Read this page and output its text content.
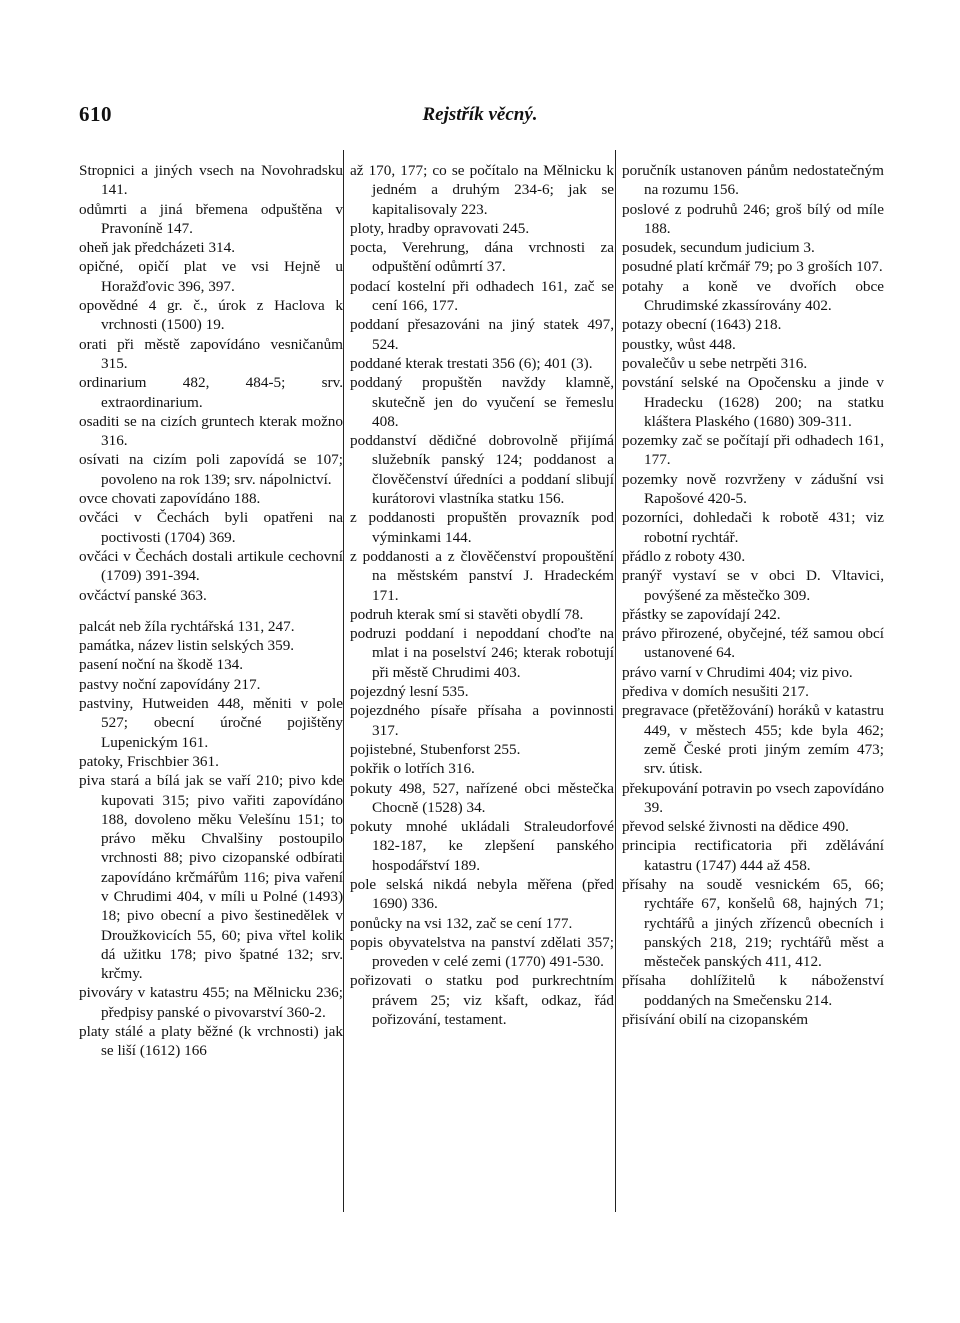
610	Rejstřík věcný.

Stropnici a jiných vsech na Novohradsku 141.

odůmrti a jiná břemena odpuštěna v Pravoníně 147.

oheň jak předcházeti 314.

opičné, opičí plat ve vsi Hejně u Horažďovic 396, 397.

opovědné 4 gr. č., úrok z Haclova k vrchnosti (1500) 19.

orati při městě zapovídáno vesničanům 315.

ordinarium 482, 484-5; srv. extraordinarium.

osaditi se na cizích gruntech kterak možno 316.

osívati na cizím poli zapovídá se 107; povoleno na rok 139; srv. nápolnictví.

ovce chovati zapovídáno 188.

ovčáci v Čechách byli opatřeni na poctivosti (1704) 369.

ovčáci v Čechách dostali artikule cechovní (1709) 391-394.

ovčáctví panské 363.

palcát neb žíla rychtářská 131, 247.

památka, název listin selských 359.

pasení noční na škodě 134.

pastvy noční zapovídány 217.

pastviny, Hutweiden 448, měniti v pole 527; obecní úročné pojištěny Lupenickým 161.

patoky, Frischbier 361.

piva stará a bílá jak se vaří 210; pivo kde kupovati 315; pivo vařiti zapovídáno 188, dovoleno měku Velešínu 151; to právo měku Chvalšiny postoupilo vrchnosti 88; pivo cizopanské odbírati zapovídáno krčmářům 116; piva vaření v Chrudimi 404, v míli u Polné (1493) 18; pivo obecní a pivo šestinedělek v Droužkovicích 55, 60; piva vřtel kolik dá užitku 178; pivo špatné 132; srv. krčmy.

pivováry v katastru 455; na Mělnicku 236; předpisy panské o pivovarství 360-2.

platy stálé a platy běžné (k vrchnosti) jak se liší (1612) 166

až 170, 177; co se počítalo na Mělnicku k jedném a druhým 234-6; jak se kapitalisovaly 223.

ploty, hradby opravovati 245.

pocta, Verehrung, dána vrchnosti za odpuštění odůmrtí 37.

podací kostelní při odhadech 161, zač se cení 166, 177.

poddaní přesazováni na jiný statek 497, 524.

poddané kterak trestati 356 (6); 401 (3).

poddaný propuštěn navždy klamně, skutečně jen do vyučení se řemeslu 408.

poddanství dědičné dobrovolně přijímá služebník panský 124; poddanost a člověčenství úředníci a poddaní slibují kurátorovi vlastníka statku 156.

z poddanosti propuštěn provazník pod výminkami 144.

z poddanosti a z člověčenství propouštění na městském panství J. Hradeckém 171.

podruh kterak smí si stavěti obydlí 78.

podruzi poddaní i nepoddaní choďte na mlat i na poselství 246; kterak robotují při městě Chrudimi 403.

pojezdný lesní 535.

pojezdného písaře přísaha a povinnosti 317.

pojistebné, Stubenforst 255.

pokřik o lotřích 316.

pokuty 498, 527, nařízené obci městečka Chocně (1528) 34.

pokuty mnohé ukládali Straleudorfové 182-187, ke zlepšení panského hospodářství 189.

pole selská nikdá nebyla měřena (před 1690) 336.

ponůcky na vsi 132, zač se cení 177.

popis obyvatelstva na panství zdělati 357; proveden v celé zemi (1770) 491-530.

pořizovati o statku pod purkrechtním právem 25; viz kšaft, odkaz, řád pořizování, testament.

poručník ustanoven pánům nedostatečným na rozumu 156.

poslové z podruhů 246; groš bílý od míle 188.

posudek, secundum judicium 3.

posudné platí krčmář 79; po 3 groších 107.

potahy a koně ve dvořích obce Chrudimské zkassírovány 402.

potazy obecní (1643) 218.

poustky, wůst 448.

povalečův u sebe netrpěti 316.

povstání selské na Opočensku a jinde v Hradecku (1628) 200; na statku kláštera Plaského (1680) 309-311.

pozemky zač se počítají při odhadech 161, 177.

pozemky nově rozvrženy v zádušní vsi Rapošové 420-5.

pozorníci, dohledači k robotě 431; viz robotní rychtář.

přádlo z roboty 430.

pranýř vystaví se v obci D. Vltavici, povýšené za městečko 309.

přástky se zapovídají 242.

právo přirozené, obyčejné, též samou obcí ustanovené 64.

právo varní v Chrudimi 404; viz pivo.

přediva v domích nesušiti 217.

pregravace (přetěžování) horáků v katastru 449, v městech 455; kde byla 462; země České proti jiným zemím 473; srv. útisk.

překupování potravin po vsech zapovídáno 39.

převod selské živnosti na dědice 490.

principia rectificatoria při zdělávání katastru (1747) 444 až 458.

přísahy na soudě vesnickém 65, 66; rychtáře 67, konšelů 68, hajných 71; rychtářů a jiných zřízenců obecních i panských 218, 219; rychtářů měst a městeček panských 411, 412.

přísaha dohlížitelů k náboženství poddaných na Smečensku 214.

přisívání obilí na cizopanském
